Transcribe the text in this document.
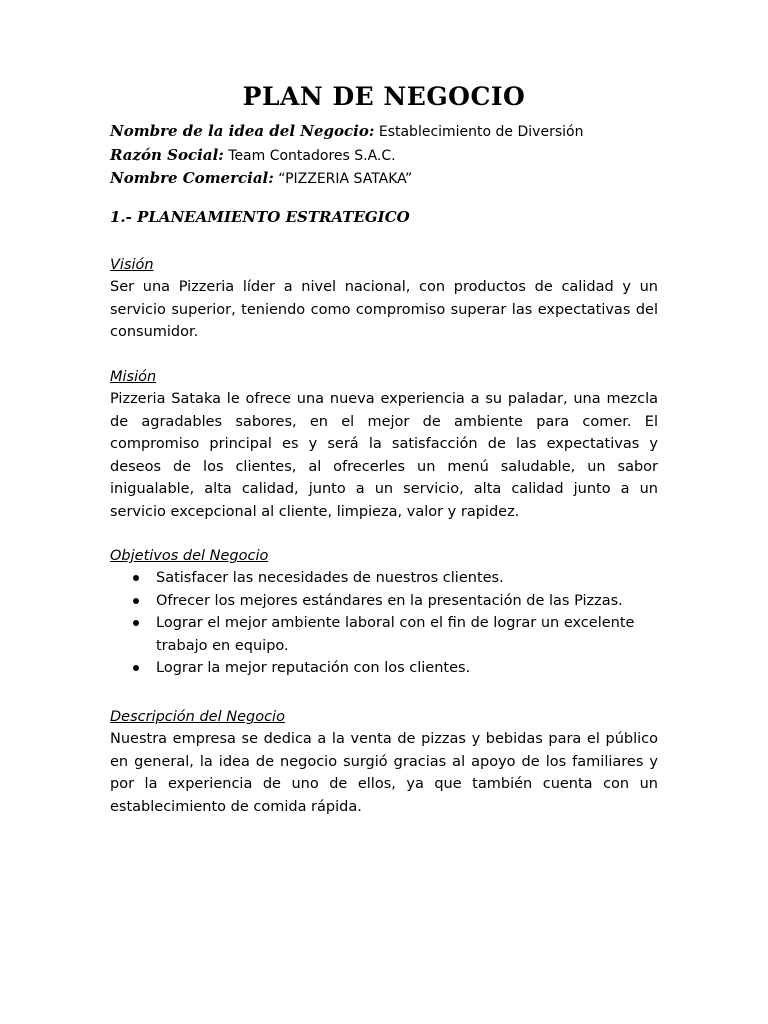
PLAN DE NEGOCIO
Nombre de la idea del Negocio: Establecimiento de Diversión
Razón Social: Team Contadores S.A.C.
Nombre Comercial: “PIZZERIA SATAKA”
1.- PLANEAMIENTO ESTRATEGICO

Visión

Ser una Pizzeria líder a nivel nacional, con productos de calidad y un servicio superior, teniendo como compromiso superar las expectativas del consumidor.

Misión

Pizzeria Sataka le ofrece una nueva experiencia a su paladar, una mezcla de agradables sabores, en el mejor de ambiente para comer. El compromiso principal es y será la satisfacción de las expectativas y deseos de los clientes, al ofrecerles un menú saludable, un sabor inigualable, alta calidad, junto a un servicio, alta calidad junto a un servicio excepcional al cliente, limpieza, valor y rapidez.

Objetivos del Negocio

Satisfacer las necesidades de nuestros clientes.
Ofrecer los mejores estándares en la presentación de las Pizzas.
Lograr el mejor ambiente laboral con el fin de lograr un excelente trabajo en equipo.
Lograr la mejor reputación con los clientes.

Descripción del Negocio

Nuestra empresa se dedica a la venta de pizzas y bebidas para el público en general, la idea de negocio surgió gracias al apoyo de los familiares y por la experiencia de uno de ellos, ya que también cuenta con un establecimiento de comida rápida.
